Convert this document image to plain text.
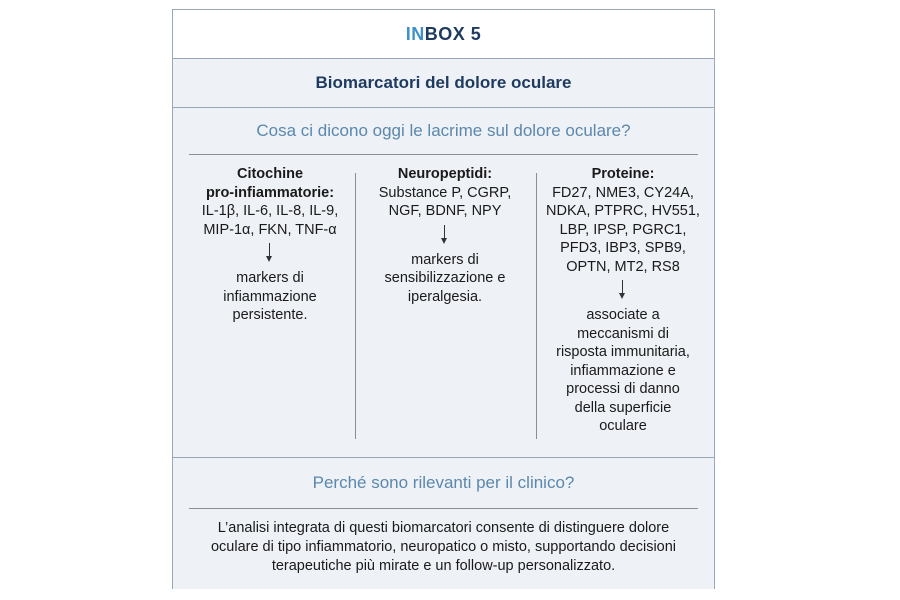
IN BOX 5
Biomarcatori del dolore oculare
Cosa ci dicono oggi le lacrime sul dolore oculare?
Citochine
pro-infiammatorie:
IL-1β, IL-6, IL-8, IL-9,
MIP-1α, FKN, TNF-α
markers di
infiammazione
persistente.
Neuropeptidi:
Substance P, CGRP,
NGF, BDNF, NPY
markers di
sensibilizzazione e
iperalgesia.
Proteine:
FD27, NME3, CY24A,
NDKA, PTPRC, HV551,
LBP, IPSP, PGRC1,
PFD3, IBP3, SPB9,
OPTN, MT2, RS8
associate a
meccanismi di
risposta immunitaria,
infiammazione e
processi di danno
della superficie
oculare
Perché sono rilevanti per il clinico?
L’analisi integrata di questi biomarcatori consente di distinguere dolore
oculare di tipo infiammatorio, neuropatico o misto, supportando decisioni
terapeutiche più mirate e un follow-up personalizzato.
